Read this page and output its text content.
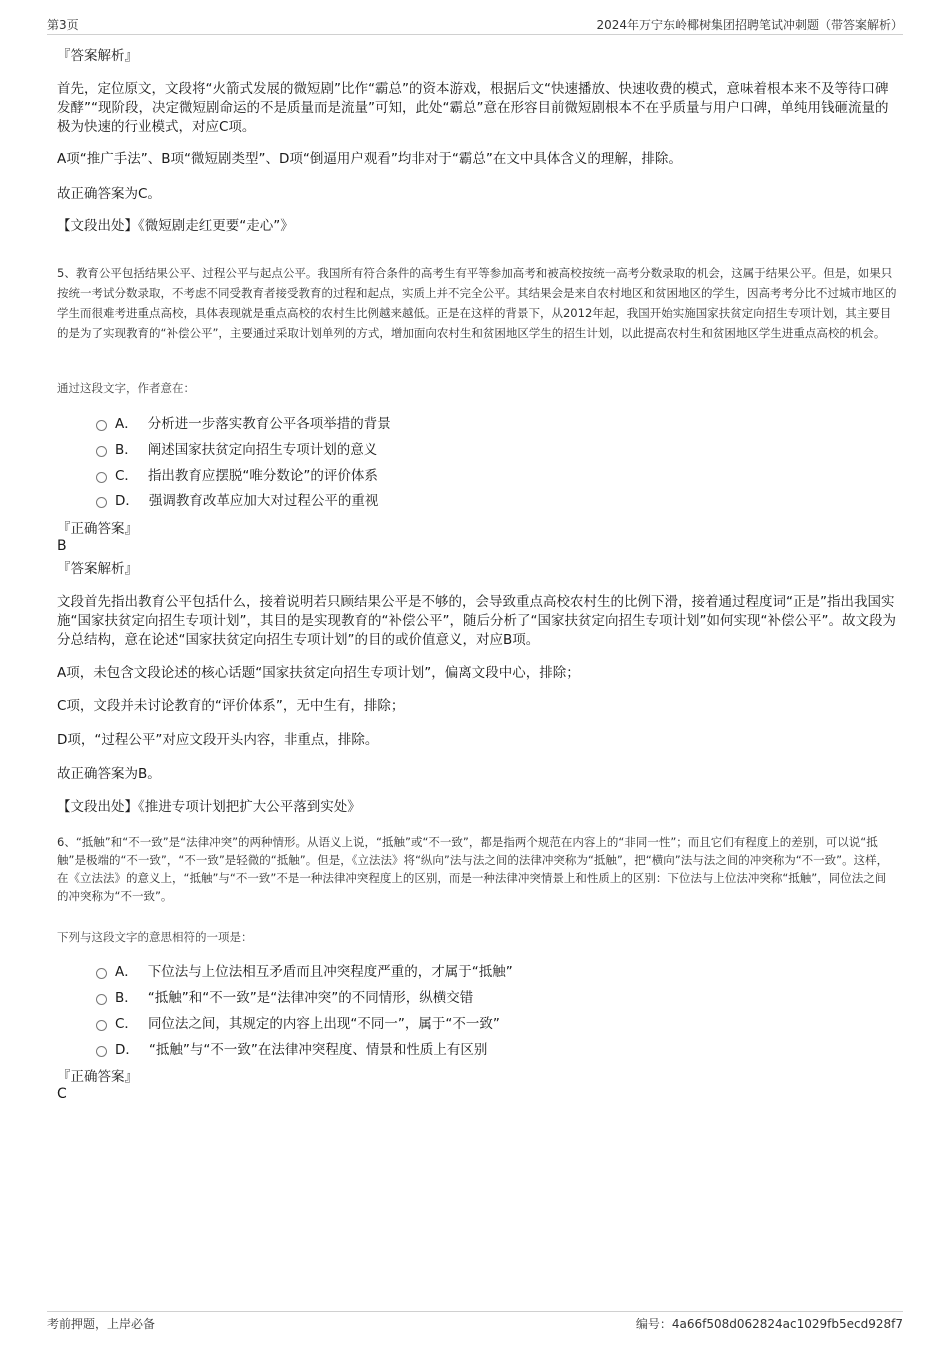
第3页	2024年万宁东岭椰树集团招聘笔试冲刺题（带答案解析）
『答案解析』
首先，定位原文，文段将“火箭式发展的微短剧”比作“霸总”的资本游戏，根据后文“快速播放、快速收费的模式，意味着根本来不及等待口碑发酵”“现阶段，决定微短剧命运的不是质量而是流量”可知，此处“霸总”意在形容目前微短剧根本不在乎质量与用户口碑，单纯用钱砸流量的极为快速的行业模式，对应C项。
A项“推广手法”、B项“微短剧类型”、D项“倒逼用户观看”均非对于“霸总”在文中具体含义的理解，排除。
故正确答案为C。
【文段出处】《微短剧走红更要“走心”》
5、教育公平包括结果公平、过程公平与起点公平。我国所有符合条件的高考生有平等参加高考和被高校按统一高考分数录取的机会，这属于结果公平。但是，如果只按统一考试分数录取，不考虑不同受教育者接受教育的过程和起点，实质上并不完全公平。其结果会是来自农村地区和贫困地区的学生，因高考考分比不过城市地区的学生而很难考进重点高校，具体表现就是重点高校的农村生比例越来越低。正是在这样的背景下，从2012年起，我国开始实施国家扶贫定向招生专项计划，其主要目的是为了实现教育的“补偿公平”，主要通过采取计划单列的方式，增加面向农村生和贫困地区学生的招生计划，以此提高农村生和贫困地区学生进重点高校的机会。
通过这段文字，作者意在：
A． 分析进一步落实教育公平各项举措的背景
B． 阐述国家扶贫定向招生专项计划的意义
C． 指出教育应摆脱“唯分数论”的评价体系
D． 强调教育改革应加大对过程公平的重视
『正确答案』
B
『答案解析』
文段首先指出教育公平包括什么，接着说明若只顾结果公平是不够的，会导致重点高校农村生的比例下滑，接着通过程度词“正是”指出我国实施“国家扶贫定向招生专项计划”，其目的是实现教育的“补偿公平”，随后分析了“国家扶贫定向招生专项计划”如何实现“补偿公平”。故文段为分总结构，意在论述“国家扶贫定向招生专项计划”的目的或价值意义，对应B项。
A项，未包含文段论述的核心话题“国家扶贫定向招生专项计划”，偏离文段中心，排除；
C项，文段并未讨论教育的“评价体系”，无中生有，排除；
D项，“过程公平”对应文段开头内容，非重点，排除。
故正确答案为B。
【文段出处】《推进专项计划把扩大公平落到实处》
6、“抵触”和“不一致”是“法律冲突”的两种情形。从语义上说，“抵触”或“不一致”，都是指两个规范在内容上的“非同一性”；而且它们有程度上的差别，可以说“抵触”是极端的“不一致”，“不一致”是轻微的“抵触”。但是，《立法法》将“纵向”法与法之间的法律冲突称为“抵触”，把“横向”法与法之间的冲突称为“不一致”。这样，在《立法法》的意义上，“抵触”与“不一致”不是一种法律冲突程度上的区别，而是一种法律冲突情景上和性质上的区别：下位法与上位法冲突称“抵触”，同位法之间的冲突称为“不一致”。
下列与这段文字的意思相符的一项是：
A． 下位法与上位法相互矛盾而且冲突程度严重的，才属于“抵触”
B． “抵触”和“不一致”是“法律冲突”的不同情形，纵横交错
C． 同位法之间，其规定的内容上出现“不同一”，属于“不一致”
D． “抵触”与“不一致”在法律冲突程度、情景和性质上有区别
『正确答案』
C
考前押题，上岸必备	编号：4a66f508d062824ac1029fb5ecd928f7
